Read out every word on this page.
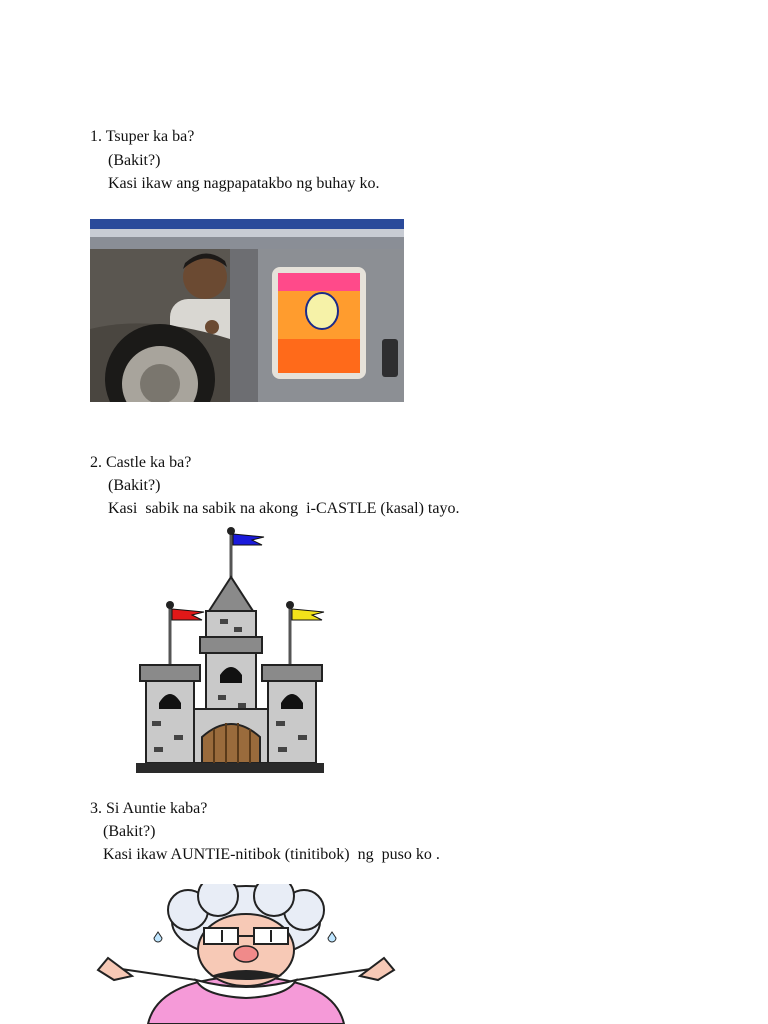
1. Tsuper ka ba?
(Bakit?)
Kasi ikaw ang nagpapatakbo ng buhay ko.
2. Castle ka ba?
(Bakit?)
Kasi  sabik na sabik na akong  i-CASTLE (kasal) tayo.
3. Si Auntie kaba?
(Bakit?)
Kasi ikaw AUNTIE-nitibok (tinitibok)  ng  puso ko .
